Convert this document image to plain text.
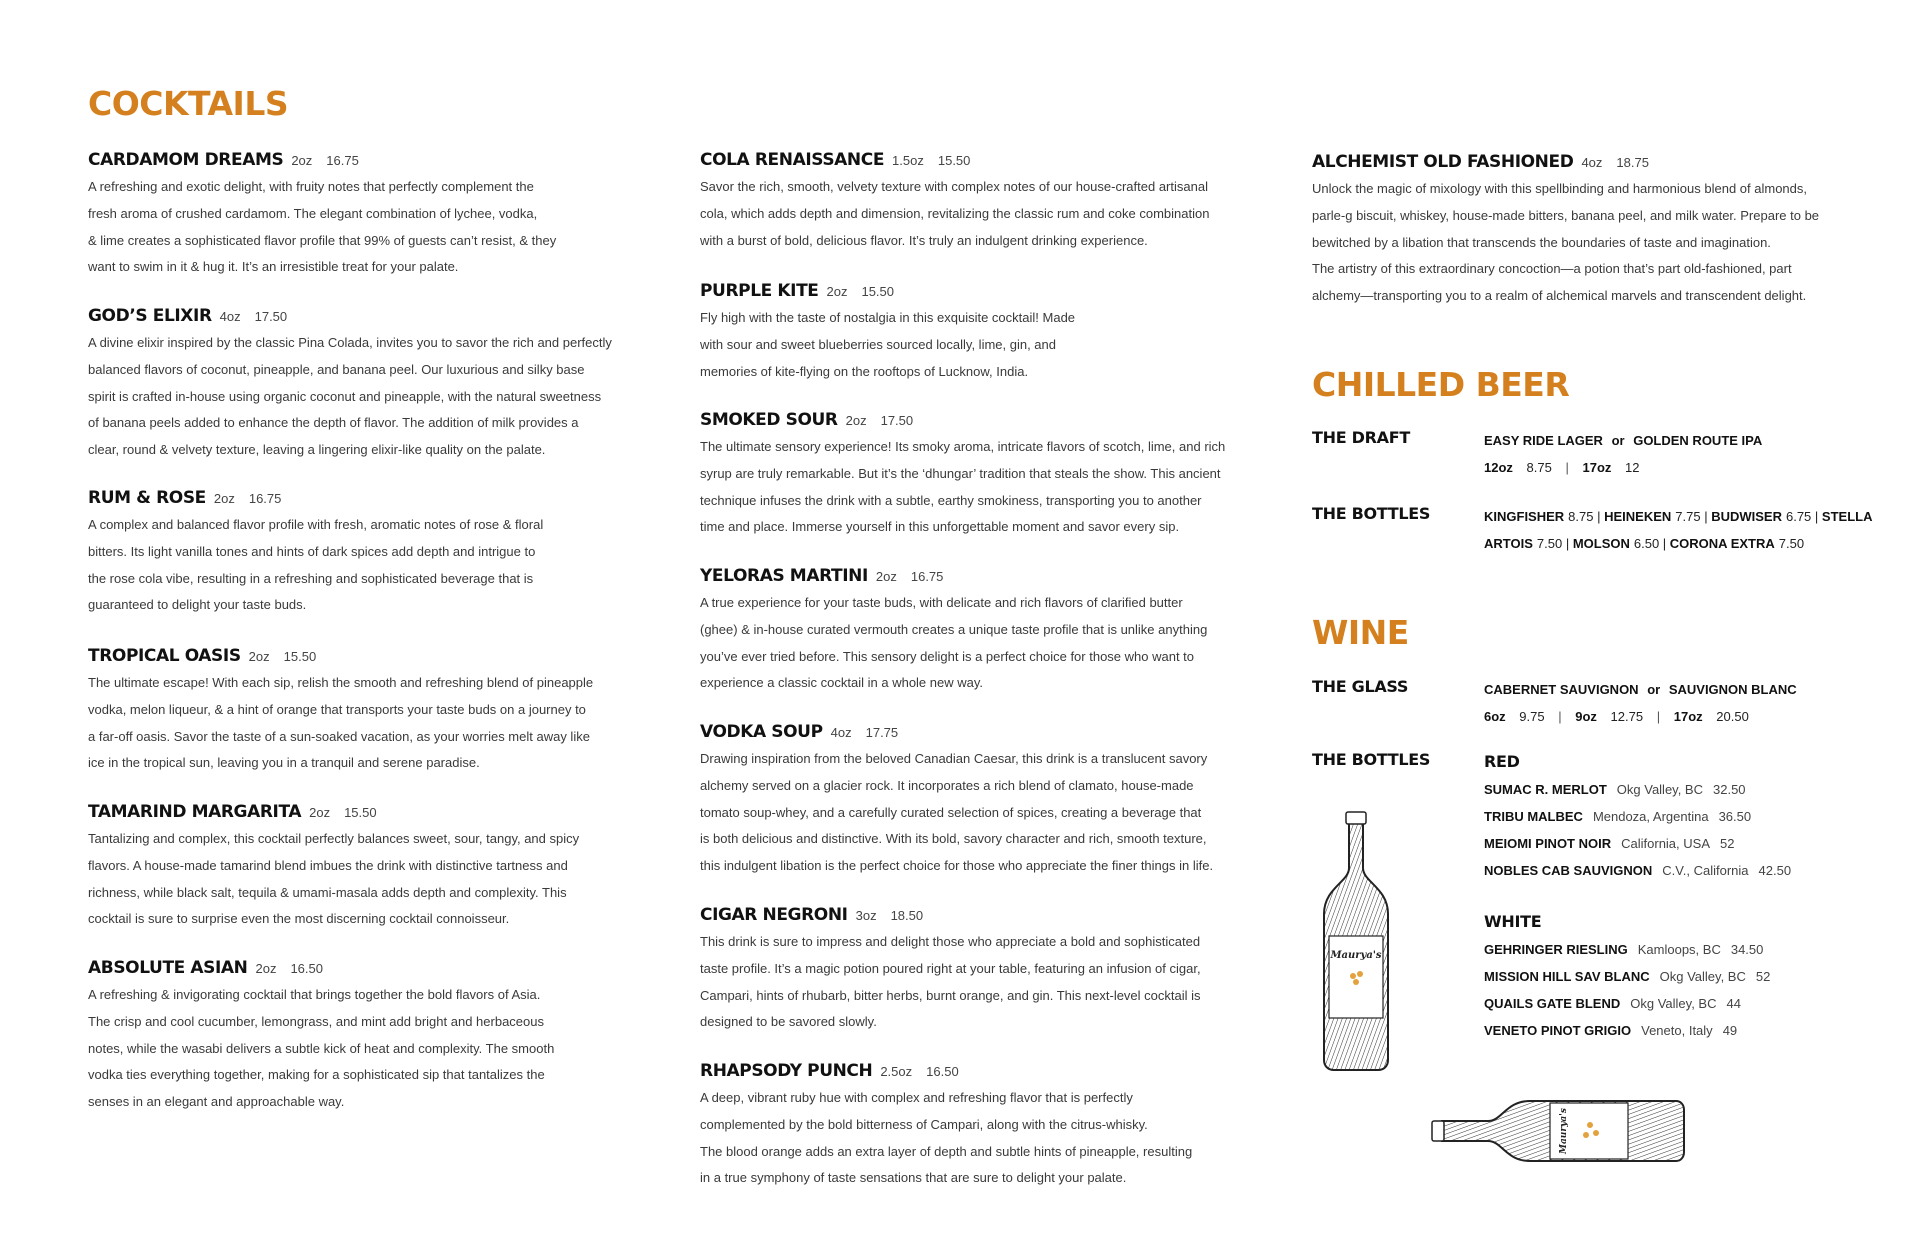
COCKTAILS
CARDAMOM DREAMS 2oz 16.75
A refreshing and exotic delight, with fruity notes that perfectly complement the
fresh aroma of crushed cardamom. The elegant combination of lychee, vodka,
& lime creates a sophisticated flavor profile that 99% of guests can’t resist, & they
want to swim in it & hug it. It’s an irresistible treat for your palate.
GOD’S ELIXIR 4oz 17.50
A divine elixir inspired by the classic Pina Colada, invites you to savor the rich and perfectly
balanced flavors of coconut, pineapple, and banana peel. Our luxurious and silky base
spirit is crafted in-house using organic coconut and pineapple, with the natural sweetness
of banana peels added to enhance the depth of flavor. The addition of milk provides a
clear, round & velvety texture, leaving a lingering elixir-like quality on the palate.
RUM & ROSE 2oz 16.75
A complex and balanced flavor profile with fresh, aromatic notes of rose & floral
bitters. Its light vanilla tones and hints of dark spices add depth and intrigue to
the rose cola vibe, resulting in a refreshing and sophisticated beverage that is
guaranteed to delight your taste buds.
TROPICAL OASIS 2oz 15.50
The ultimate escape! With each sip, relish the smooth and refreshing blend of pineapple
vodka, melon liqueur, & a hint of orange that transports your taste buds on a journey to
a far-off oasis. Savor the taste of a sun-soaked vacation, as your worries melt away like
ice in the tropical sun, leaving you in a tranquil and serene paradise.
TAMARIND MARGARITA 2oz 15.50
Tantalizing and complex, this cocktail perfectly balances sweet, sour, tangy, and spicy
flavors. A house-made tamarind blend imbues the drink with distinctive tartness and
richness, while black salt, tequila & umami-masala adds depth and complexity. This
cocktail is sure to surprise even the most discerning cocktail connoisseur.
ABSOLUTE ASIAN 2oz 16.50
A refreshing & invigorating cocktail that brings together the bold flavors of Asia.
The crisp and cool cucumber, lemongrass, and mint add bright and herbaceous
notes, while the wasabi delivers a subtle kick of heat and complexity. The smooth
vodka ties everything together, making for a sophisticated sip that tantalizes the
senses in an elegant and approachable way.
COLA RENAISSANCE 1.5oz 15.50
Savor the rich, smooth, velvety texture with complex notes of our house-crafted artisanal
cola, which adds depth and dimension, revitalizing the classic rum and coke combination
with a burst of bold, delicious flavor. It’s truly an indulgent drinking experience.
PURPLE KITE 2oz 15.50
Fly high with the taste of nostalgia in this exquisite cocktail! Made
with sour and sweet blueberries sourced locally, lime, gin, and
memories of kite-flying on the rooftops of Lucknow, India.
SMOKED SOUR 2oz 17.50
The ultimate sensory experience! Its smoky aroma, intricate flavors of scotch, lime, and rich
syrup are truly remarkable. But it’s the ‘dhungar’ tradition that steals the show. This ancient
technique infuses the drink with a subtle, earthy smokiness, transporting you to another
time and place. Immerse yourself in this unforgettable moment and savor every sip.
YELORAS MARTINI 2oz 16.75
A true experience for your taste buds, with delicate and rich flavors of clarified butter
(ghee) & in-house curated vermouth creates a unique taste profile that is unlike anything
you’ve ever tried before. This sensory delight is a perfect choice for those who want to
experience a classic cocktail in a whole new way.
VODKA SOUP 4oz 17.75
Drawing inspiration from the beloved Canadian Caesar, this drink is a translucent savory
alchemy served on a glacier rock. It incorporates a rich blend of clamato, house-made
tomato soup-whey, and a carefully curated selection of spices, creating a beverage that
is both delicious and distinctive. With its bold, savory character and rich, smooth texture,
this indulgent libation is the perfect choice for those who appreciate the finer things in life.
CIGAR NEGRONI 3oz 18.50
This drink is sure to impress and delight those who appreciate a bold and sophisticated
taste profile. It’s a magic potion poured right at your table, featuring an infusion of cigar,
Campari, hints of rhubarb, bitter herbs, burnt orange, and gin. This next-level cocktail is
designed to be savored slowly.
RHAPSODY PUNCH 2.5oz 16.50
A deep, vibrant ruby hue with complex and refreshing flavor that is perfectly
complemented by the bold bitterness of Campari, along with the citrus-whisky.
The blood orange adds an extra layer of depth and subtle hints of pineapple, resulting
in a true symphony of taste sensations that are sure to delight your palate.
ALCHEMIST OLD FASHIONED 4oz 18.75
Unlock the magic of mixology with this spellbinding and harmonious blend of almonds,
parle-g biscuit, whiskey, house-made bitters, banana peel, and milk water. Prepare to be
bewitched by a libation that transcends the boundaries of taste and imagination.
The artistry of this extraordinary concoction—a potion that’s part old-fashioned, part
alchemy—transporting you to a realm of alchemical marvels and transcendent delight.
CHILLED BEER
THE DRAFT	EASY RIDE LAGER or GOLDEN ROUTE IPA
12oz 8.75 | 17oz 12
THE BOTTLES	KINGFISHER 8.75 | HEINEKEN 7.75 | BUDWISER 6.75 | STELLA
ARTOIS 7.50 | MOLSON 6.50 | CORONA EXTRA 7.50
WINE
THE GLASS	CABERNET SAUVIGNON or SAUVIGNON BLANC
6oz 9.75 | 9oz 12.75 | 17oz 20.50
THE BOTTLES	RED
SUMAC R. MERLOT Okg Valley, BC 32.50
TRIBU MALBEC Mendoza, Argentina 36.50
MEIOMI PINOT NOIR California, USA 52
NOBLES CAB SAUVIGNON C.V., California 42.50
WHITE
GEHRINGER RIESLING Kamloops, BC 34.50
MISSION HILL SAV BLANC Okg Valley, BC 52
QUAILS GATE BLEND Okg Valley, BC 44
VENETO PINOT GRIGIO Veneto, Italy 49
Maurya's
Maurya's
